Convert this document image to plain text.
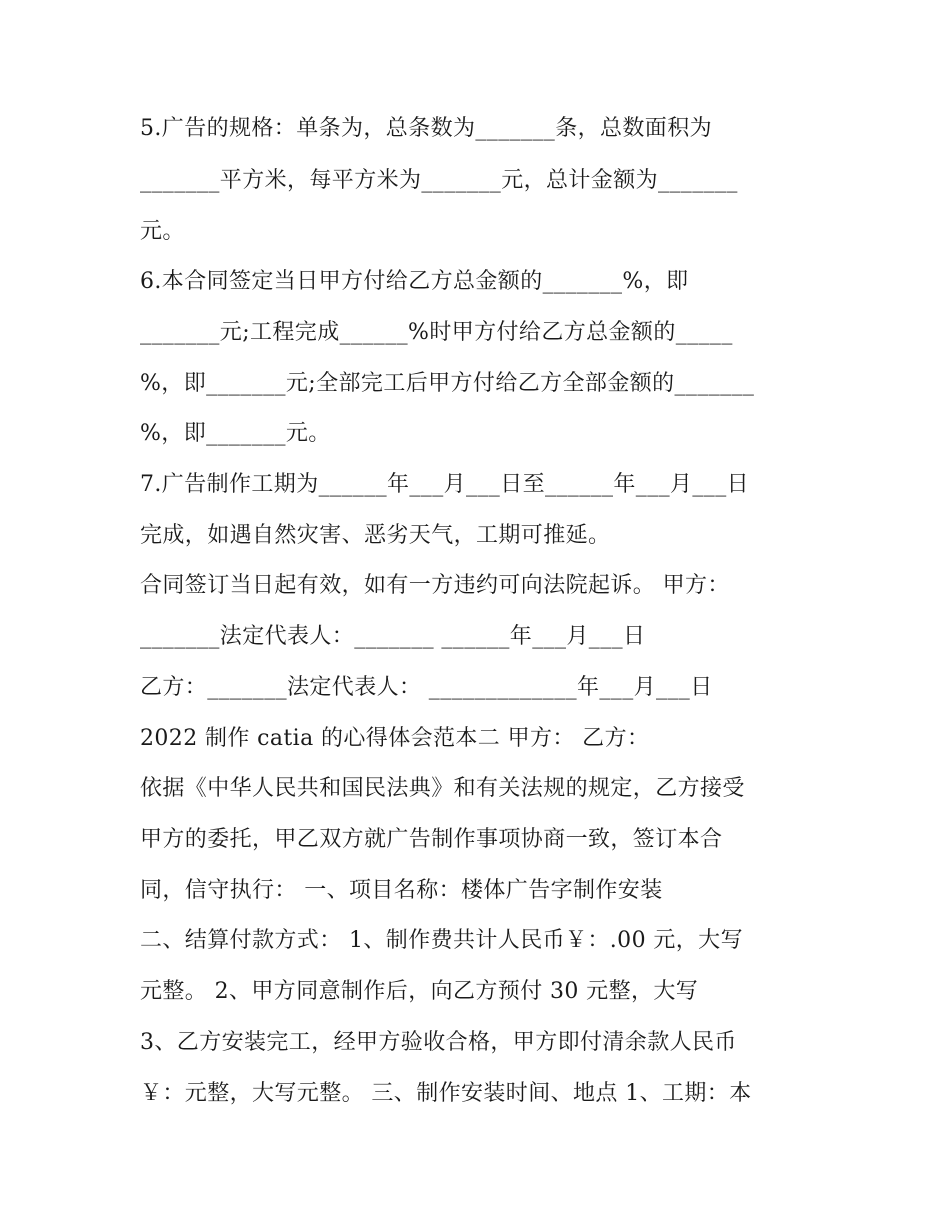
5.广告的规格：单条为，总条数为_______条，总数面积为
_______平方米，每平方米为_______元，总计金额为_______
元。
6.本合同签定当日甲方付给乙方总金额的_______%，即
_______元;工程完成______%时甲方付给乙方总金额的_____
%，即_______元;全部完工后甲方付给乙方全部金额的_______
%，即_______元。
7.广告制作工期为______年___月___日至______年___月___日
完成，如遇自然灾害、恶劣天气，工期可推延。
合同签订当日起有效，如有一方违约可向法院起诉。 甲方：
_______法定代表人：_______ ______年___月___日
乙方：_______法定代表人： _____________年___月___日
2022 制作 catia 的心得体会范本二 甲方： 乙方：
依据《中华人民共和国民法典》和有关法规的规定，乙方接受
甲方的委托，甲乙双方就广告制作事项协商一致，签订本合
同，信守执行： 一、项目名称：楼体广告字制作安装
二、结算付款方式： 1、制作费共计人民币￥：.00 元，大写
元整。 2、甲方同意制作后，向乙方预付 30 元整，大写
3、乙方安装完工，经甲方验收合格，甲方即付清余款人民币
￥：元整，大写元整。 三、制作安装时间、地点 1、工期：本
